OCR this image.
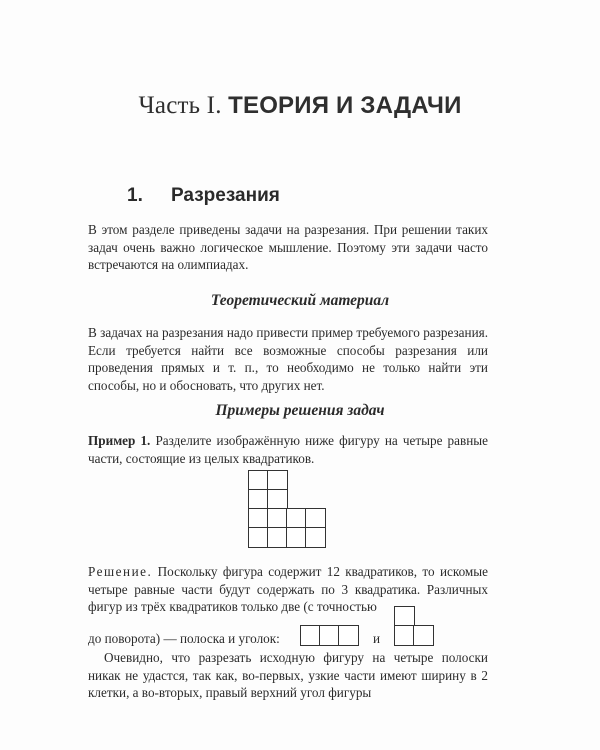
Часть I. ТЕОРИЯ И ЗАДАЧИ
1. Разрезания
В этом разделе приведены задачи на разрезания. При решении таких задач очень важно логическое мышление. Поэтому эти задачи часто встречаются на олимпиадах.
Теоретический материал
В задачах на разрезания надо привести пример требуемого разрезания. Если требуется найти все возможные способы разрезания или проведения прямых и т. п., то необходимо не только найти эти способы, но и обосновать, что других нет.
Примеры решения задач
Пример 1. Разделите изображённую ниже фигуру на четыре равные части, состоящие из целых квадратиков.
Решение. Поскольку фигура содержит 12 квадратиков, то искомые четыре равные части будут содержать по 3 квадратика. Различных фигур из трёх квадратиков только две (с точностью
до поворота) — полоска и уголок:	и
Очевидно, что разрезать исходную фигуру на четыре полоски никак не удастся, так как, во-первых, узкие части имеют ширину в 2 клетки, а во-вторых, правый верхний угол фигуры
